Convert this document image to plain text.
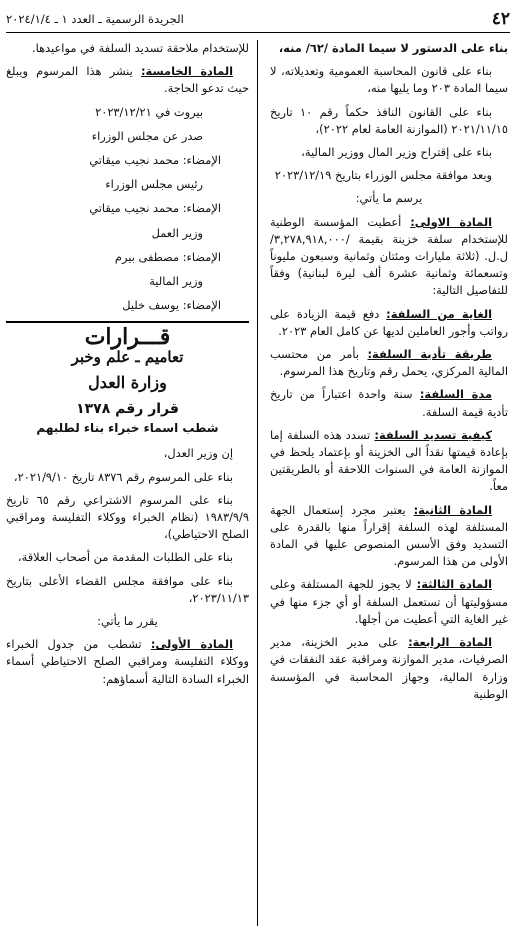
٤٢
الجريدة الرسمية ـ العدد ١ ـ ٢٠٢٤/١/٤

بناء على الدستور لا سيما المادة /٦٢/ منه،

بناء على قانون المحاسبة العمومية وتعديلاته، لا سيما المادة ٢٠٣ وما يليها منه،

بناء على القانون النافذ حكماً رقم ١٠ تاريخ ٢٠٢١/١١/١٥ (الموازنة العامة لعام ٢٠٢٢)،

بناء على إقتراح وزير المال ووزير المالية،

وبعد موافقة مجلس الوزراء بتاريخ ٢٠٢٣/١٢/١٩

يرسم ما يأتي:

المادة الاولى: أعطيت المؤسسة الوطنية للإستخدام سلفة خزينة بقيمة /٣,٢٧٨,٩١٨,٠٠٠/ ل.ل. (ثلاثة مليارات ومئتان وثمانية وسبعون مليوناً وتسعمائة وثمانية عشرة ألف ليرة لبنانية) وفقاً للتفاصيل التالية:

الغاية من السلفة: دفع قيمة الزيادة على رواتب وأجور العاملين لديها عن كامل العام ٢٠٢٣.

طريقة تأدية السلفة: بأمر من محتسب المالية المركزي، يحمل رقم وتاريخ هذا المرسوم.

مدة السلفة: سنة واحدة اعتباراً من تاريخ تأدية قيمة السلفة.

كيفية تسديد السلفة: تسدد هذه السلفة إما بإعادة قيمتها نقداً الى الخزينة أو بإعتماد يلحظ في الموازنة العامة في السنوات اللاحقة أو بالطريقتين معاً.

المادة الثانية: يعتبر مجرد إستعمال الجهة المستلفة لهذه السلفة إقراراً منها بالقدرة على التسديد وفق الأسس المنصوص عليها في المادة الأولى من هذا المرسوم.

المادة الثالثة: لا يجوز للجهة المستلفة وعلى مسؤوليتها أن تستعمل السلفة أو أي جزء منها في غير الغاية التي أعطيت من أجلها.

المادة الرابعة: على مدير الخزينة، مدير الصرفيات، مدير الموازنة ومراقبة عقد النفقات في وزارة المالية، وجهاز المحاسبة في المؤسسة الوطنية

للإستخدام ملاحقة تسديد السلفة في مواعيدها.

المادة الخامسة: ينشر هذا المرسوم ويبلغ حيث تدعو الحاجة.

بيروت في ٢٠٢٣/١٢/٢١

صدر عن مجلس الوزراء

الإمضاء: محمد نجيب ميقاتي

رئيس مجلس الوزراء

الإمضاء: محمد نجيب ميقاتي

وزير العمل

الإمضاء: مصطفى بيرم

وزير المالية

الإمضاء: يوسف خليل

قـــرارات
تعاميم ـ علم وخبر
وزارة العدل
قرار رقم ١٣٧٨
شطب اسماء خبراء بناء لطلبهم

إن وزير العدل،

بناء على المرسوم رقم ٨٣٧٦ تاريخ ٢٠٢١/٩/١٠،

بناء على المرسوم الاشتراعي رقم ٦٥ تاريخ ١٩٨٣/٩/٩ (نظام الخبراء ووكلاء التفليسة ومراقبي الصلح الاحتياطي)،

بناء على الطلبات المقدمة من أصحاب العلاقة،

بناء على موافقة مجلس القضاء الأعلى بتاريخ ٢٠٢٣/١١/١٣،

يقرر ما يأتي:

المادة الأولى: تشطب من جدول الخبراء ووكلاء التفليسة ومراقبي الصلح الاحتياطي أسماء الخبراء السادة التالية أسماؤهم:
